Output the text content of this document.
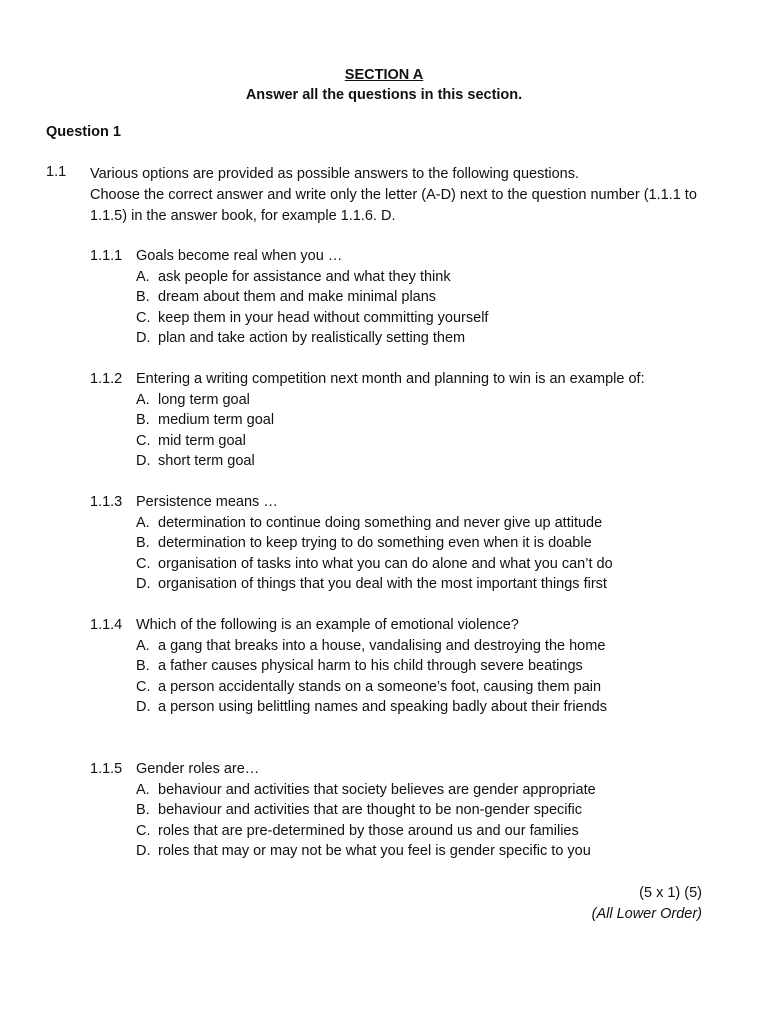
SECTION A
Answer all the questions in this section.
Question 1
1.1 Various options are provided as possible answers to the following questions.
Choose the correct answer and write only the letter (A-D) next to the question number (1.1.1 to
1.1.5) in the answer book, for example 1.1.6. D.
1.1.1 Goals become real when you …
A. ask people for assistance and what they think
B. dream about them and make minimal plans
C. keep them in your head without committing yourself
D. plan and take action by realistically setting them
1.1.2 Entering a writing competition next month and planning to win is an example of:
A. long term goal
B. medium term goal
C. mid term goal
D. short term goal
1.1.3 Persistence means …
A. determination to continue doing something and never give up attitude
B. determination to keep trying to do something even when it is doable
C. organisation of tasks into what you can do alone and what you can’t do
D. organisation of things that you deal with the most important things first
1.1.4 Which of the following is an example of emotional violence?
A. a gang that breaks into a house, vandalising and destroying the home
B. a father causes physical harm to his child through severe beatings
C. a person accidentally stands on a someone’s foot, causing them pain
D. a person using belittling names and speaking badly about their friends
1.1.5 Gender roles are…
A. behaviour and activities that society believes are gender appropriate
B. behaviour and activities that are thought to be non-gender specific
C. roles that are pre-determined by those around us and our families
D. roles that may or may not be what you feel is gender specific to you
(5 x 1) (5)
(All Lower Order)
